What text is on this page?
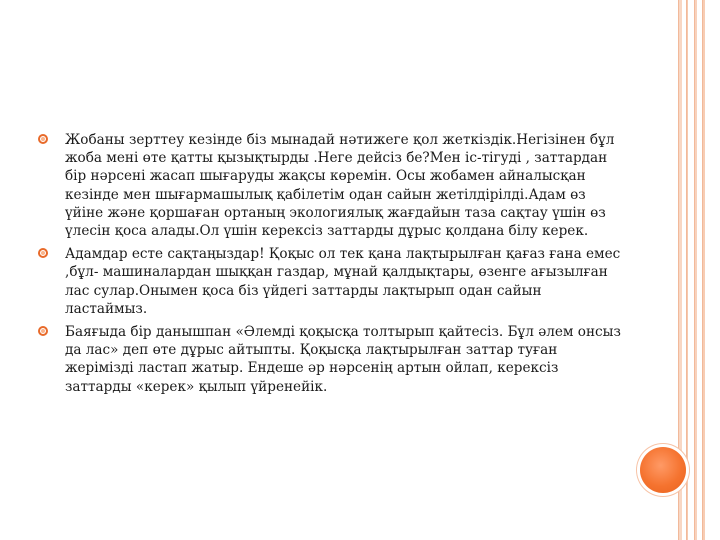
Жобаны зерттеу кезінде біз мынадай нәтижеге қол жеткіздік.Негізінен бұл жоба мені өте қатты қызықтырды .Неге дейсіз бе?Мен іс-тігуді , заттардан бір нәрсені жасап шығаруды жақсы көремін. Осы жобамен айналысқан кезінде мен шығармашылық қабілетім одан сайын жетілдірілді.Адам өз үйіне және қоршаған ортаның экологиялық жағдайын таза сақтау үшін өз үлесін қоса алады.Ол үшін керексіз заттарды дұрыс қолдана білу керек.
Адамдар есте сақтаңыздар! Қоқыс ол тек қана лақтырылған қағаз ғана емес ,бұл- машиналардан шыққан газдар, мұнай қалдықтары, өзенге ағызылған лас сулар.Онымен қоса біз үйдегі заттарды лақтырып одан сайын ластаймыз.
Баяғыда бір данышпан «Әлемді қоқысқа толтырып қайтесіз. Бұл әлем онсыз да лас» деп өте дұрыс айтыпты. Қоқысқа лақтырылған заттар туған жерімізді ластап жатыр. Ендеше әр нәрсенің артын ойлап, керексіз заттарды «керек» қылып үйренейік.
